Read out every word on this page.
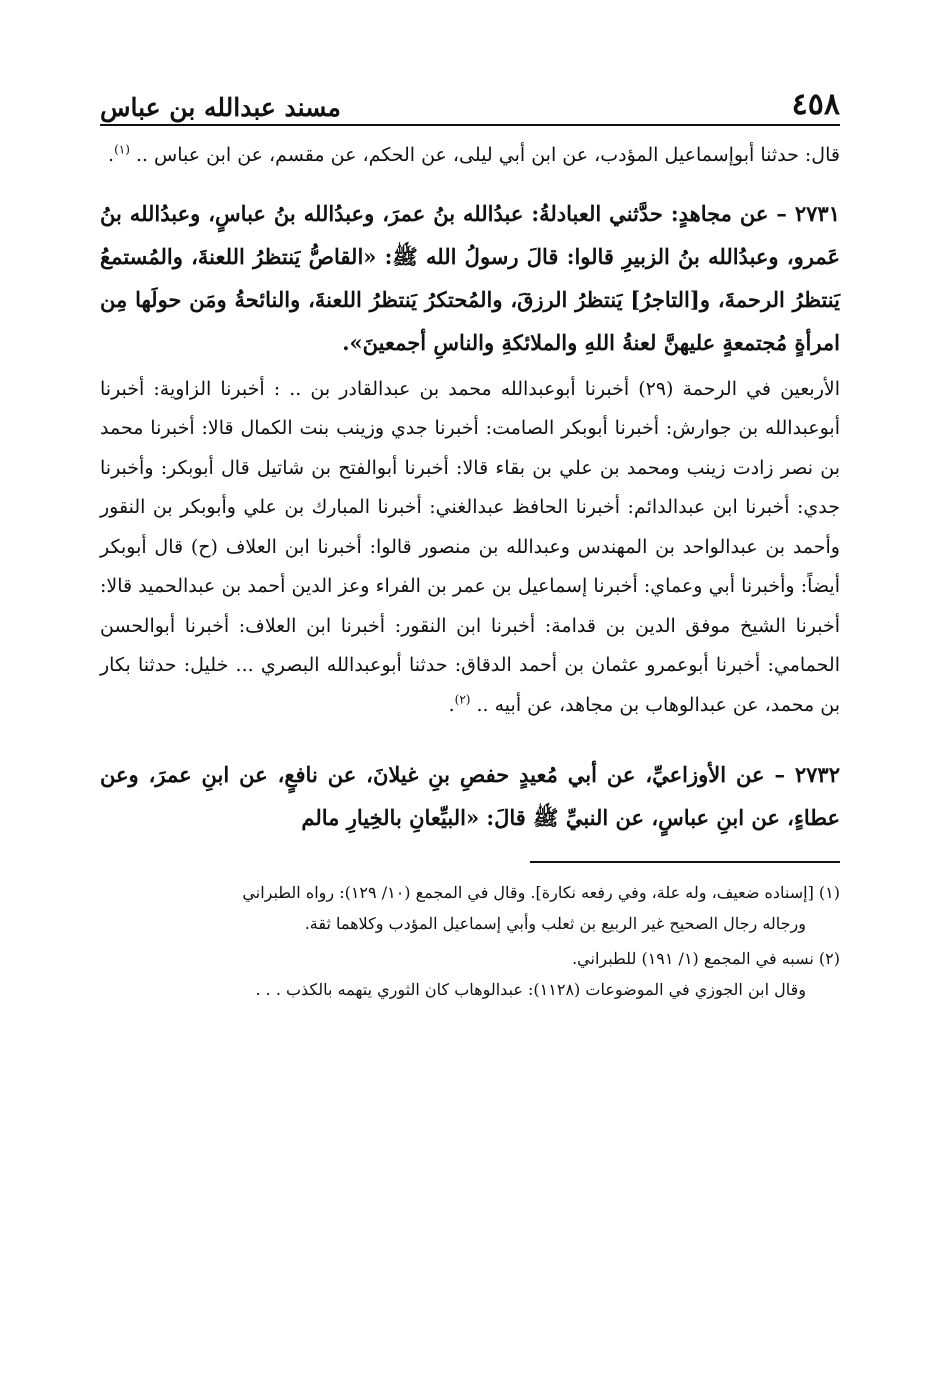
٤٥٨
مسند عبدالله بن عباس

قال: حدثنا أبوإسماعيل المؤدب، عن ابن أبي ليلى، عن الحكم، عن مقسم، عن ابن عباس .. $^{(١)}$.

٢٧٣١ – عن مجاهدٍ: حدَّثني العبادلةُ: عبدُالله بنُ عمرَ، وعبدُالله بنُ عباسٍ، وعبدُالله بنُ عَمرو، وعبدُالله بنُ الزبيرِ قالوا: قالَ رسولُ الله ﷺ: «القاصُّ يَنتظرُ اللعنةَ، والمُستمعُ يَنتظرُ الرحمةَ، و[التاجرُ] يَنتظرُ الرزقَ، والمُحتكرُ يَنتظرُ اللعنةَ، والنائحةُ ومَن حولَها مِن امرأةٍ مُجتمعةٍ عليهنَّ لعنةُ اللهِ والملائكةِ والناسِ أجمعينَ».

الأربعين في الرحمة (٢٩) أخبرنا أبوعبدالله محمد بن عبدالقادر بن .. : أخبرنا الزاوية: أخبرنا أبوعبدالله بن جوارش: أخبرنا أبوبكر الصامت: أخبرنا جدي وزينب بنت الكمال قالا: أخبرنا محمد بن نصر زادت زينب ومحمد بن علي بن بقاء قالا: أخبرنا أبوالفتح بن شاتيل قال أبوبكر: وأخبرنا جدي: أخبرنا ابن عبدالدائم: أخبرنا الحافظ عبدالغني: أخبرنا المبارك بن علي وأبوبكر بن النقور وأحمد بن عبدالواحد بن المهندس وعبدالله بن منصور قالوا: أخبرنا ابن العلاف (ح) قال أبوبكر أيضاً: وأخبرنا أبي وعماي: أخبرنا إسماعيل بن عمر بن الفراء وعز الدين أحمد بن عبدالحميد قالا: أخبرنا الشيخ موفق الدين بن قدامة: أخبرنا ابن النقور: أخبرنا ابن العلاف: أخبرنا أبوالحسن الحمامي: أخبرنا أبوعمرو عثمان بن أحمد الدقاق: حدثنا أبوعبدالله البصري ... خليل: حدثنا بكار بن محمد، عن عبدالوهاب بن مجاهد، عن أبيه .. $^{(٢)}$.

٢٧٣٢ – عن الأوزاعيِّ، عن أبي مُعيدٍ حفصِ بنِ غيلانَ، عن نافعٍ، عن ابنِ عمرَ، وعن عطاءٍ، عن ابنِ عباسٍ، عن النبيِّ ﷺ قالَ: «البيِّعانِ بالخِيارِ مالم

(١) [إسناده ضعيف، وله علة، وفي رفعه نكارة]. وقال في المجمع (١٠/ ١٢٩): رواه الطبراني

ورجاله رجال الصحيح غير الربيع بن ثعلب وأبي إسماعيل المؤدب وكلاهما ثقة.

(٢) نسبه في المجمع (١/ ١٩١) للطبراني.

وقال ابن الجوزي في الموضوعات (١١٢٨): عبدالوهاب كان الثوري يتهمه بالكذب . . .
